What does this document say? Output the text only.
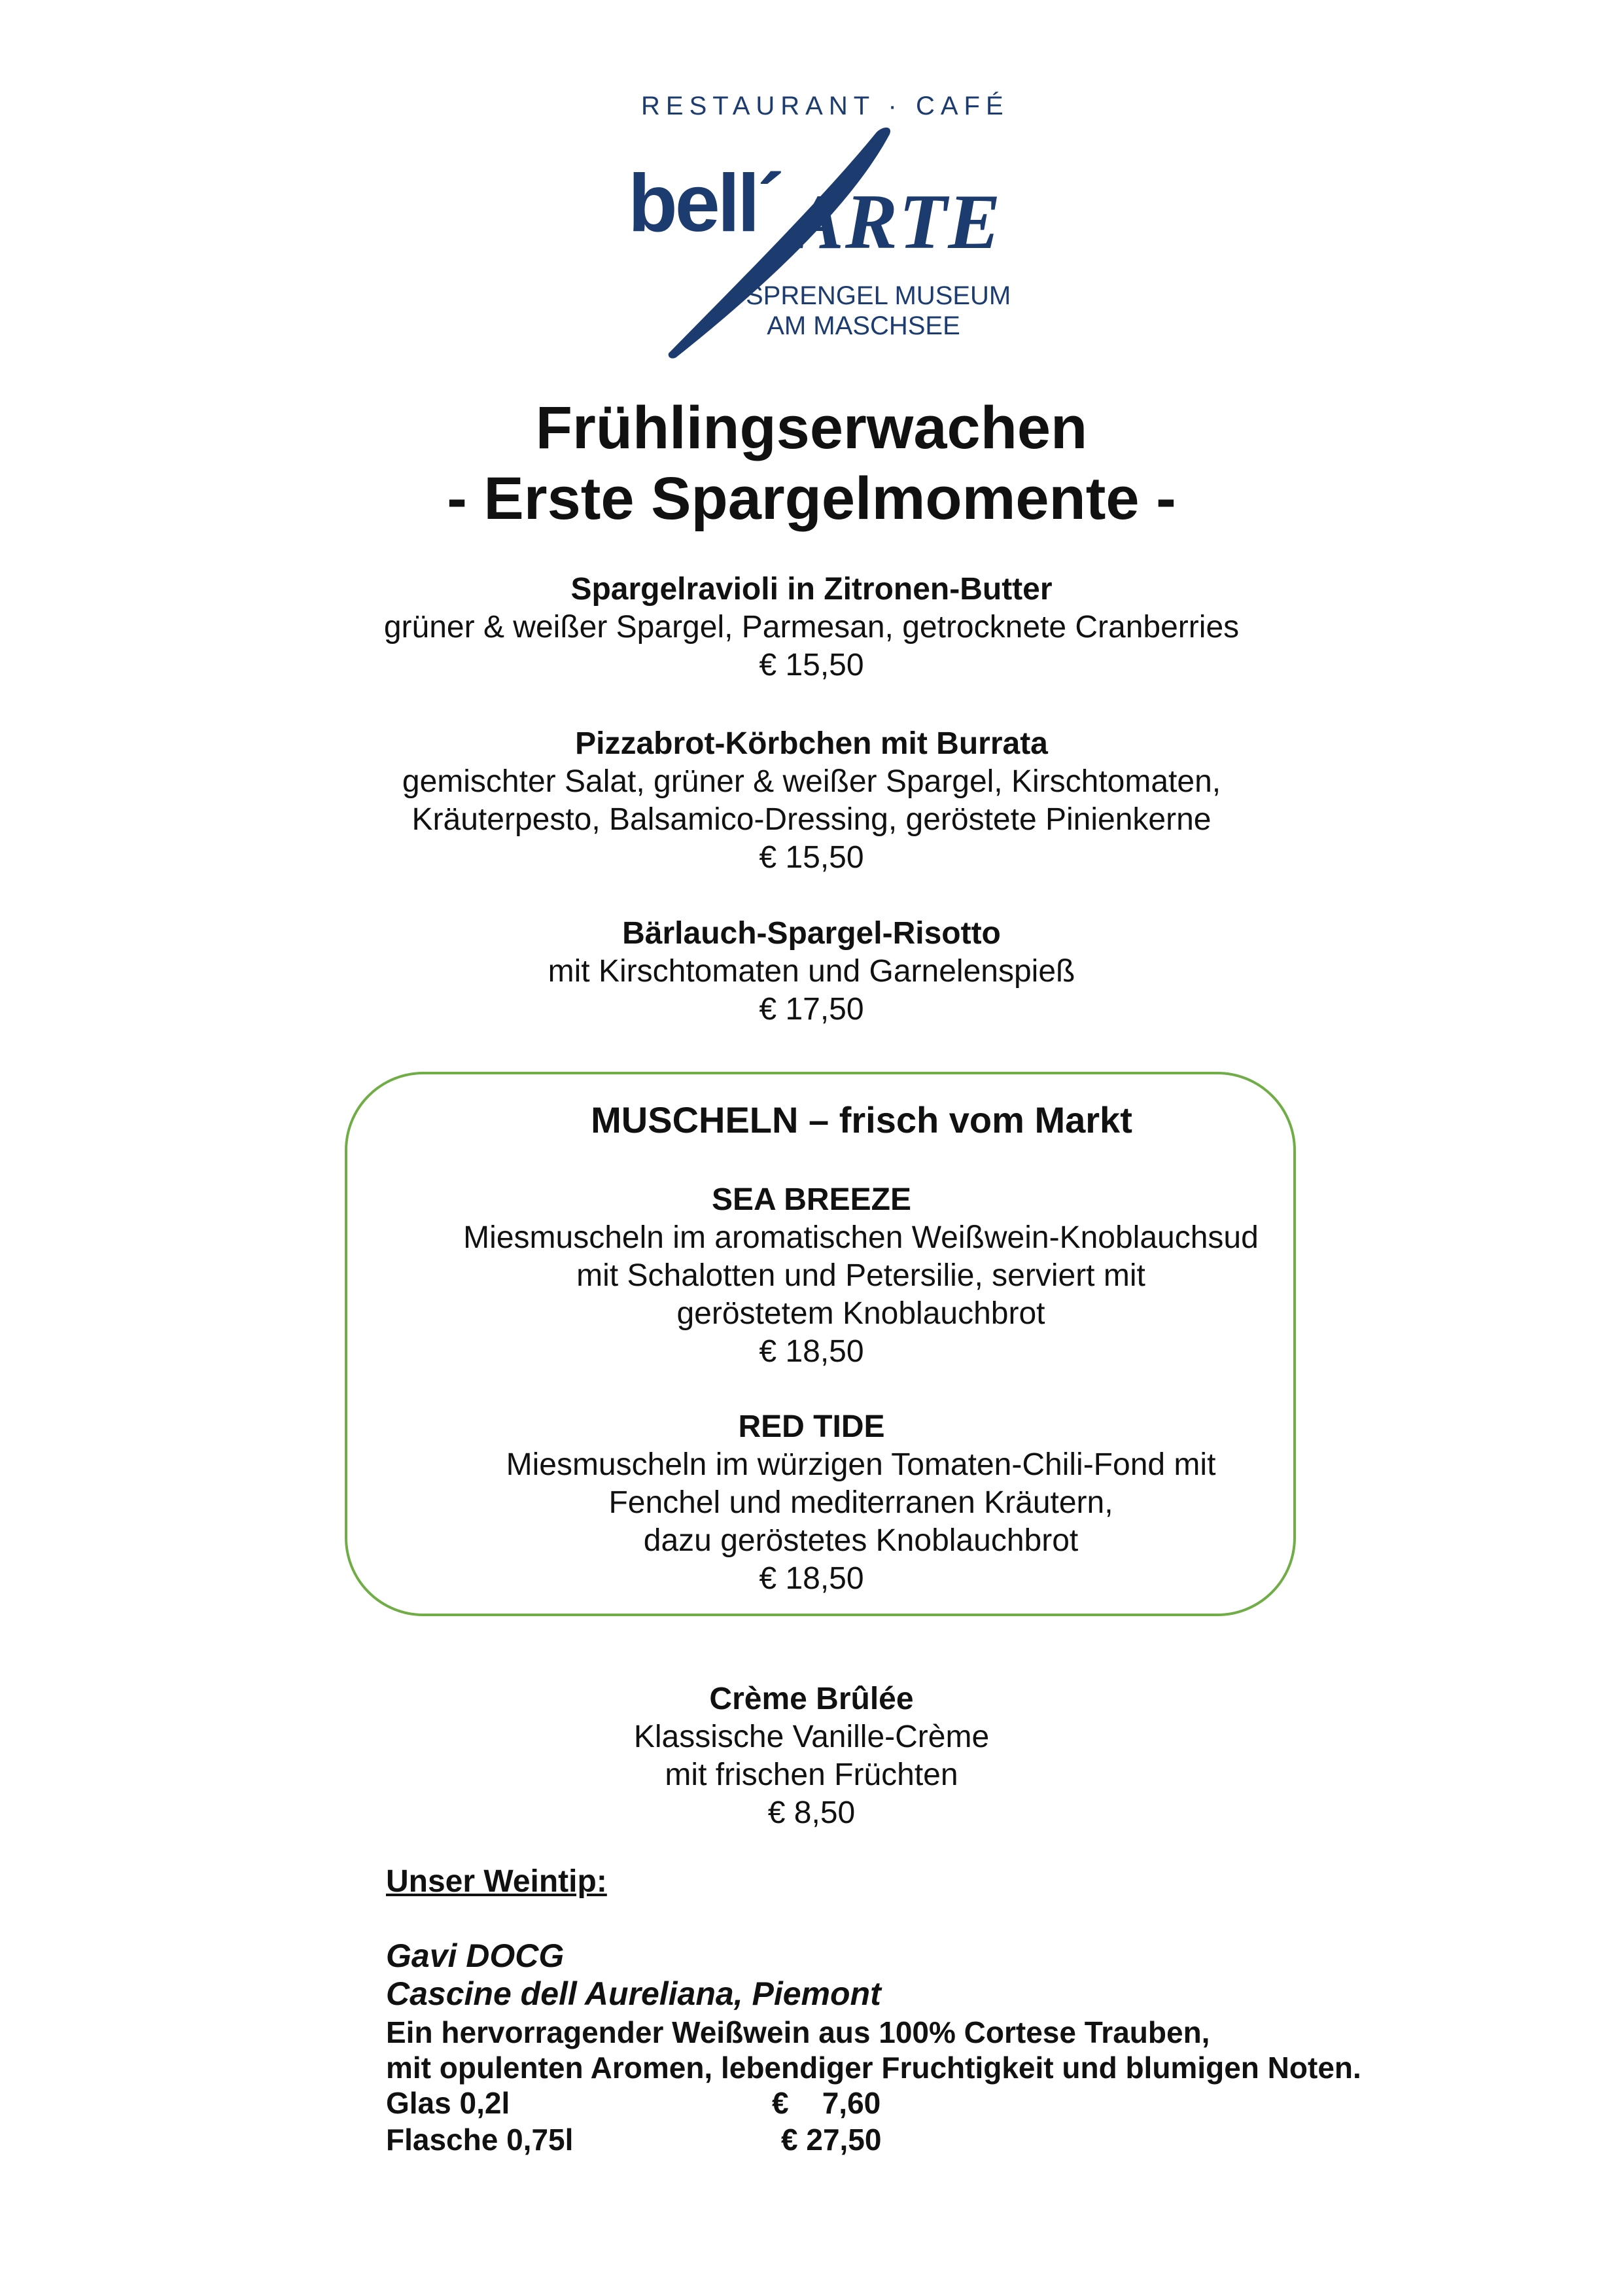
RESTAURANT · CAFÉ
bell´ ARTE
SPRENGEL MUSEUM
AM MASCHSEE
Frühlingserwachen
- Erste Spargelmomente -
Spargelravioli in Zitronen-Butter
grüner & weißer Spargel, Parmesan, getrocknete Cranberries
€ 15,50
Pizzabrot-Körbchen mit Burrata
gemischter Salat, grüner & weißer Spargel, Kirschtomaten,
Kräuterpesto, Balsamico-Dressing, geröstete Pinienkerne
€ 15,50
Bärlauch-Spargel-Risotto
mit Kirschtomaten und Garnelenspieß
€ 17,50
MUSCHELN – frisch vom Markt
SEA BREEZE
Miesmuscheln im aromatischen Weißwein-Knoblauchsud
mit Schalotten und Petersilie, serviert mit
geröstetem Knoblauchbrot
€ 18,50
RED TIDE
Miesmuscheln im würzigen Tomaten-Chili-Fond mit
Fenchel und mediterranen Kräutern,
dazu geröstetes Knoblauchbrot
€ 18,50
Crème Brûlée
Klassische Vanille-Crème
mit frischen Früchten
€ 8,50
Unser Weintip:
Gavi DOCG
Cascine dell Aureliana, Piemont
Ein hervorragender Weißwein aus 100% Cortese Trauben,
mit opulenten Aromen, lebendiger Fruchtigkeit und blumigen Noten.
Glas 0,2l	€    7,60
Flasche 0,75l	€ 27,50
